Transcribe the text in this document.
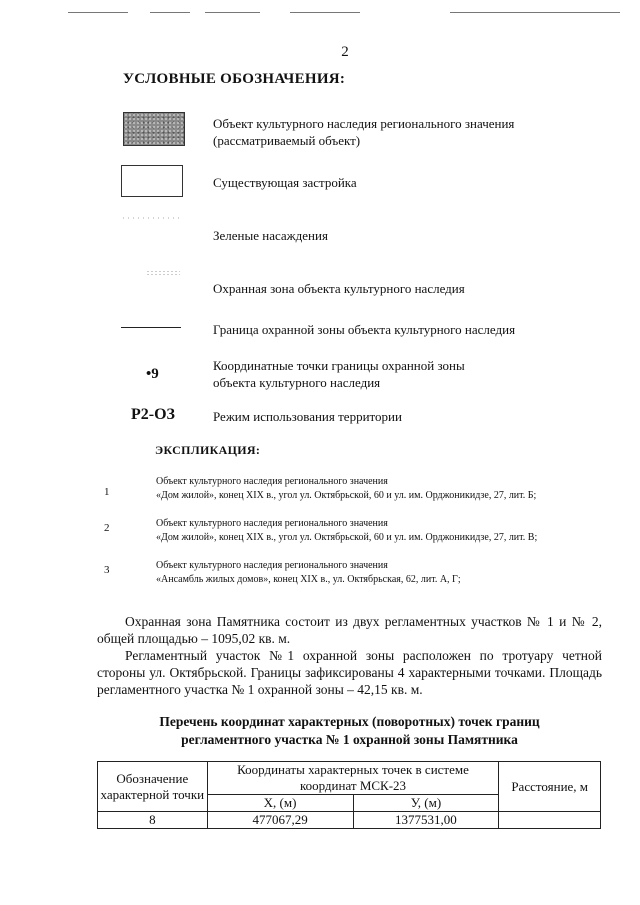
2
УСЛОВНЫЕ ОБОЗНАЧЕНИЯ:
Объект культурного наследия регионального значения
(рассматриваемый объект)
Существующая застройка
Зеленые насаждения
Охранная зона объекта культурного наследия
Граница охранной зоны объекта культурного наследия
•9
Координатные точки границы охранной зоны
объекта культурного наследия
Р2-ОЗ	Режим использования территории
ЭКСПЛИКАЦИЯ:
1
Объект культурного наследия регионального значения
«Дом жилой», конец XIX в., угол ул. Октябрьской, 60 и ул. им. Орджоникидзе, 27, лит. Б;
2	Объект культурного наследия регионального значения
«Дом жилой», конец XIX в., угол ул. Октябрьской, 60 и ул. им. Орджоникидзе, 27, лит. В;
3	Объект культурного наследия регионального значения
«Ансамбль жилых домов», конец XIX в., ул. Октябрьская, 62, лит. А, Г;
Охранная зона Памятника состоит из двух регламентных участков № 1 и № 2, общей площадью – 1095,02 кв. м.
Регламентный участок №1 охранной зоны расположен по тротуару четной стороны ул. Октябрьской. Границы зафиксированы 4 характерными точками. Площадь регламентного участка № 1 охранной зоны – 42,15 кв. м.
Перечень координат характерных (поворотных) точек границ
регламентного участка № 1 охранной зоны Памятника
Обозначение характерной точки	Координаты характерных точек в системе координат МСК-23		Расстояние, м
	X, (м)	У, (м)	
8	477067,29	1377531,00	
